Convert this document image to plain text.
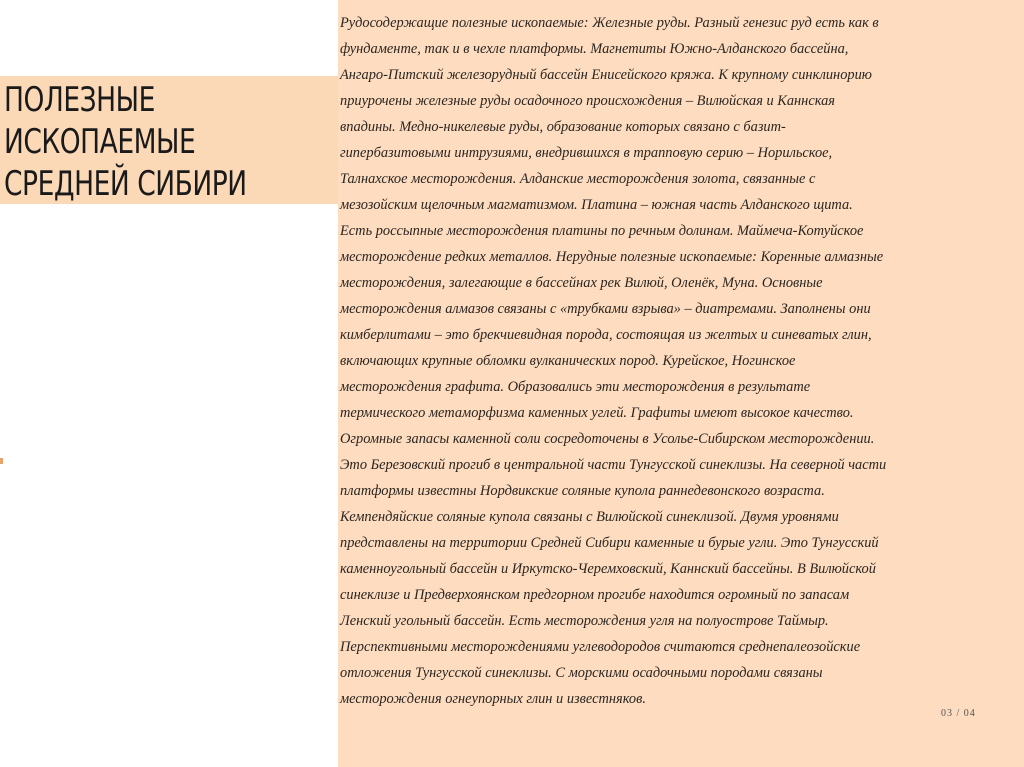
ПОЛЕЗНЫЕ
ИСКОПАЕМЫЕ
СРЕДНЕЙ СИБИРИ

Рудосодержащие полезные ископаемые: Железные руды. Разный генезис руд есть как в
фундаменте, так и в чехле платформы. Магнетиты Южно-Алданского бассейна,
Ангаро-Питский железорудный бассейн Енисейского кряжа. К крупному синклинорию
приурочены железные руды осадочного происхождения – Вилюйская и Каннская
впадины. Медно-никелевые руды, образование которых связано с базит-
гипербазитовыми интрузиями, внедрившихся в трапповую серию – Норильское,
Талнахское месторождения. Алданские месторождения золота, связанные с
мезозойским щелочным магматизмом. Платина – южная часть Алданского щита.
Есть россыпные месторождения платины по речным долинам. Маймеча-Котуйское
месторождение редких металлов. Нерудные полезные ископаемые: Коренные алмазные
месторождения, залегающие в бассейнах рек Вилюй, Оленёк, Муна. Основные
месторождения алмазов связаны с «трубками взрыва» – диатремами. Заполнены они
кимберлитами – это брекчиевидная порода, состоящая из желтых и синеватых глин,
включающих крупные обломки вулканических пород. Курейское, Ногинское
месторождения графита. Образовались эти месторождения в результате
термического метаморфизма каменных углей. Графиты имеют высокое качество.
Огромные запасы каменной соли сосредоточены в Усолье-Сибирском месторождении.
Это Березовский прогиб в центральной части Тунгусской синеклизы. На северной части
платформы известны Нордвикские соляные купола раннедевонского возраста.
Кемпендяйские соляные купола связаны с Вилюйской синеклизой. Двумя уровнями
представлены на территории Средней Сибири каменные и бурые угли. Это Тунгусский
каменноугольный бассейн и Иркутско-Черемховский, Каннский бассейны. В Вилюйской
синеклизе и Предверхоянском предгорном прогибе находится огромный по запасам
Ленский угольный бассейн. Есть месторождения угля на полуострове Таймыр.
Перспективными месторождениями углеводородов считаются среднепалеозойские
отложения Тунгусской синеклизы. С морскими осадочными породами связаны
месторождения огнеупорных глин и известняков.

03 / 04
